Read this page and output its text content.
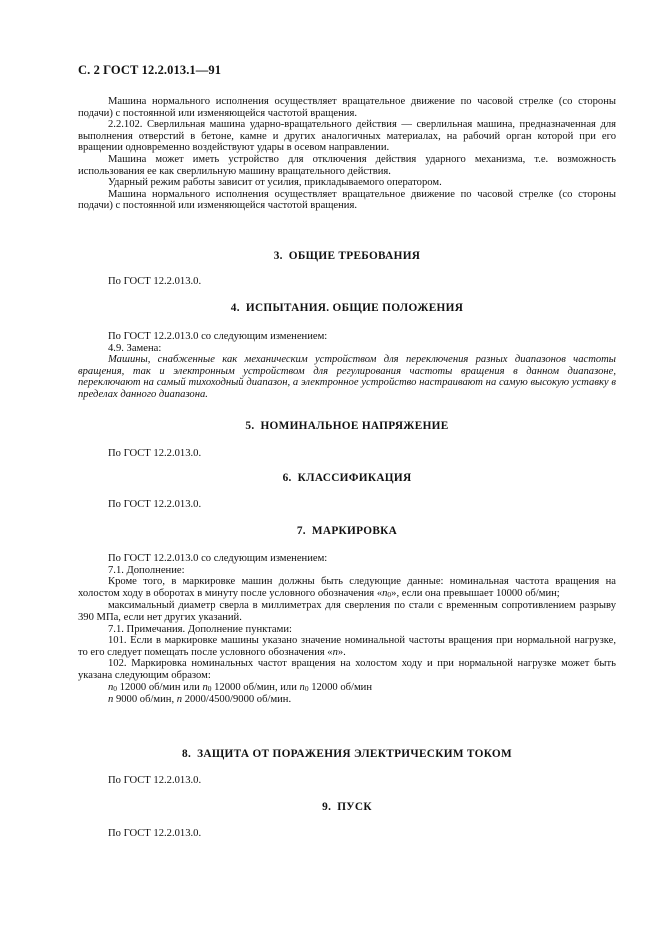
С. 2 ГОСТ 12.2.013.1—91

Машина нормального исполнения осуществляет вращательное движение по часовой стрелке (со стороны подачи) с постоянной или изменяющейся частотой вращения.

2.2.102. Сверлильная машина ударно-вращательного действия — сверлильная машина, предназначенная для выполнения отверстий в бетоне, камне и других аналогичных материалах, на рабочий орган которой при его вращении одновременно воздействуют удары в осевом направлении.

Машина может иметь устройство для отключения действия ударного механизма, т.е. возможность использования ее как сверлильную машину вращательного действия.

Ударный режим работы зависит от усилия, прикладываемого оператором.

Машина нормального исполнения осуществляет вращательное движение по часовой стрелке (со стороны подачи) с постоянной или изменяющейся частотой вращения.

3. ОБЩИЕ ТРЕБОВАНИЯ

По ГОСТ 12.2.013.0.

4. ИСПЫТАНИЯ. ОБЩИЕ ПОЛОЖЕНИЯ

По ГОСТ 12.2.013.0 со следующим изменением:

4.9. Замена:

Машины, снабженные как механическим устройством для переключения разных диапазонов частоты вращения, так и электронным устройством для регулирования частоты вращения в данном диапазоне, переключают на самый тихоходный диапазон, а электронное устройство настраивают на самую высокую уставку в пределах данного диапазона.

5. НОМИНАЛЬНОЕ НАПРЯЖЕНИЕ

По ГОСТ 12.2.013.0.

6. КЛАССИФИКАЦИЯ

По ГОСТ 12.2.013.0.

7. МАРКИРОВКА

По ГОСТ 12.2.013.0 со следующим изменением:

7.1. Дополнение:

Кроме того, в маркировке машин должны быть следующие данные: номинальная частота вращения на холостом ходу в оборотах в минуту после условного обозначения «n0», если она превышает 10000 об/мин;

максимальный диаметр сверла в миллиметрах для сверления по стали с временным сопротивлением разрыву 390 МПа, если нет других указаний.

7.1. Примечания. Дополнение пунктами:

101. Если в маркировке машины указано значение номинальной частоты вращения при нормальной нагрузке, то его следует помещать после условного обозначения «n».

102. Маркировка номинальных частот вращения на холостом ходу и при нормальной нагрузке может быть указана следующим образом:

n0 12000 об/мин или n0 12000 об/мин, или n0 12000 об/мин

n 9000 об/мин, n 2000/4500/9000 об/мин.

8. ЗАЩИТА ОТ ПОРАЖЕНИЯ ЭЛЕКТРИЧЕСКИМ ТОКОМ

По ГОСТ 12.2.013.0.

9. ПУСК

По ГОСТ 12.2.013.0.
